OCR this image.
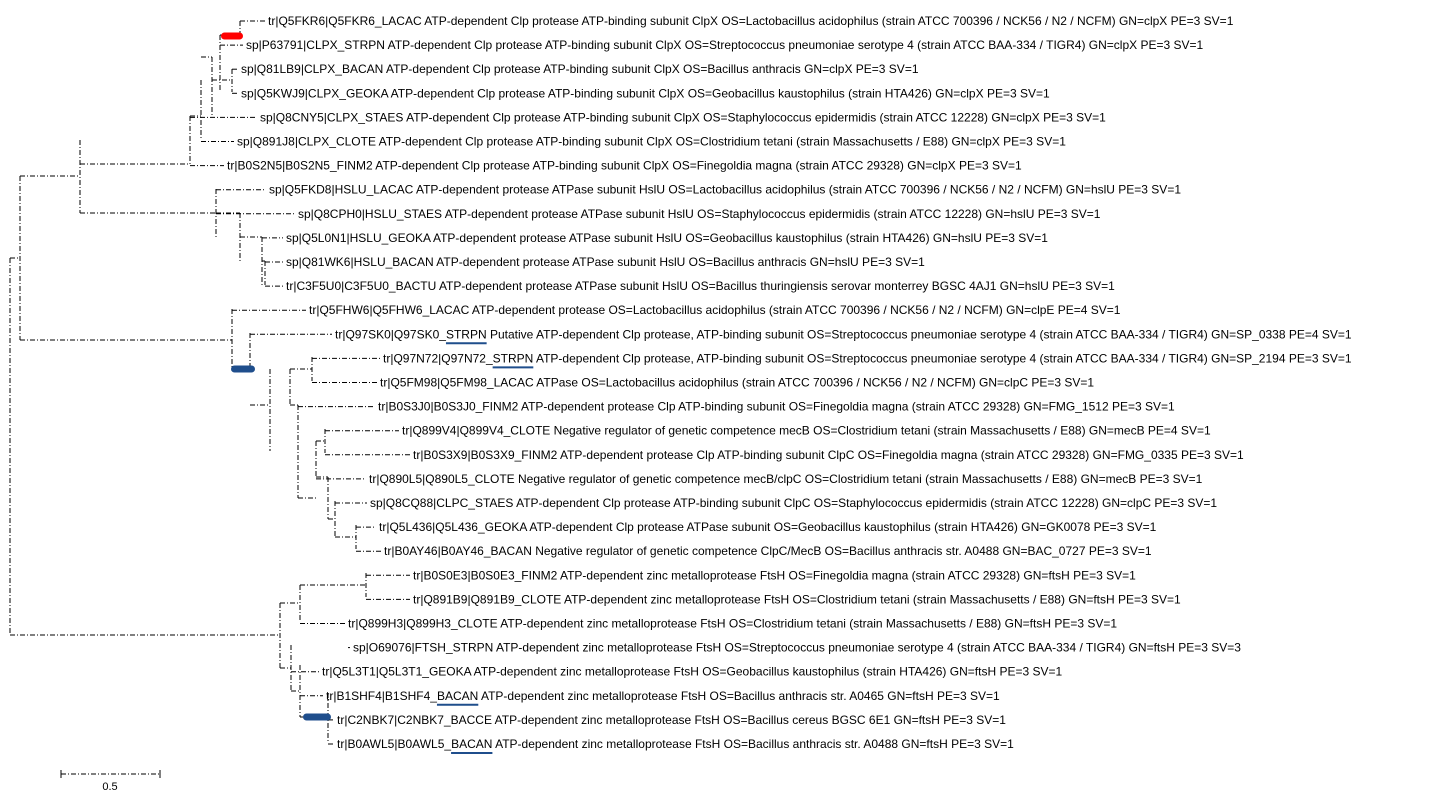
tr|Q5FKR6|Q5FKR6_LACAC ATP-dependent Clp protease ATP-binding subunit ClpX OS=Lactobacillus acidophilus (strain ATCC 700396 / NCK56 / N2 / NCFM) GN=clpX PE=3 SV=1
sp|P63791|CLPX_STRPN ATP-dependent Clp protease ATP-binding subunit ClpX OS=Streptococcus pneumoniae serotype 4 (strain ATCC BAA-334 / TIGR4) GN=clpX PE=3 SV=1
sp|Q81LB9|CLPX_BACAN ATP-dependent Clp protease ATP-binding subunit ClpX OS=Bacillus anthracis GN=clpX PE=3 SV=1
sp|Q5KWJ9|CLPX_GEOKA ATP-dependent Clp protease ATP-binding subunit ClpX OS=Geobacillus kaustophilus (strain HTA426) GN=clpX PE=3 SV=1
sp|Q8CNY5|CLPX_STAES ATP-dependent Clp protease ATP-binding subunit ClpX OS=Staphylococcus epidermidis (strain ATCC 12228) GN=clpX PE=3 SV=1
sp|Q891J8|CLPX_CLOTE ATP-dependent Clp protease ATP-binding subunit ClpX OS=Clostridium tetani (strain Massachusetts / E88) GN=clpX PE=3 SV=1
tr|B0S2N5|B0S2N5_FINM2 ATP-dependent Clp protease ATP-binding subunit ClpX OS=Finegoldia magna (strain ATCC 29328) GN=clpX PE=3 SV=1
sp|Q5FKD8|HSLU_LACAC ATP-dependent protease ATPase subunit HslU OS=Lactobacillus acidophilus (strain ATCC 700396 / NCK56 / N2 / NCFM) GN=hslU PE=3 SV=1
sp|Q8CPH0|HSLU_STAES ATP-dependent protease ATPase subunit HslU OS=Staphylococcus epidermidis (strain ATCC 12228) GN=hslU PE=3 SV=1
sp|Q5L0N1|HSLU_GEOKA ATP-dependent protease ATPase subunit HslU OS=Geobacillus kaustophilus (strain HTA426) GN=hslU PE=3 SV=1
sp|Q81WK6|HSLU_BACAN ATP-dependent protease ATPase subunit HslU OS=Bacillus anthracis GN=hslU PE=3 SV=1
tr|C3F5U0|C3F5U0_BACTU ATP-dependent protease ATPase subunit HslU OS=Bacillus thuringiensis serovar monterrey BGSC 4AJ1 GN=hslU PE=3 SV=1
tr|Q5FHW6|Q5FHW6_LACAC ATP-dependent protease OS=Lactobacillus acidophilus (strain ATCC 700396 / NCK56 / N2 / NCFM) GN=clpE PE=4 SV=1
tr|Q97SK0|Q97SK0_STRPN Putative ATP-dependent Clp protease, ATP-binding subunit OS=Streptococcus pneumoniae serotype 4 (strain ATCC BAA-334 / TIGR4) GN=SP_0338 PE=4 SV=1
tr|Q97N72|Q97N72_STRPN ATP-dependent Clp protease, ATP-binding subunit OS=Streptococcus pneumoniae serotype 4 (strain ATCC BAA-334 / TIGR4) GN=SP_2194 PE=3 SV=1
tr|Q5FM98|Q5FM98_LACAC ATPase OS=Lactobacillus acidophilus (strain ATCC 700396 / NCK56 / N2 / NCFM) GN=clpC PE=3 SV=1
tr|B0S3J0|B0S3J0_FINM2 ATP-dependent protease Clp ATP-binding subunit OS=Finegoldia magna (strain ATCC 29328) GN=FMG_1512 PE=3 SV=1
tr|Q899V4|Q899V4_CLOTE Negative regulator of genetic competence mecB OS=Clostridium tetani (strain Massachusetts / E88) GN=mecB PE=4 SV=1
tr|B0S3X9|B0S3X9_FINM2 ATP-dependent protease Clp ATP-binding subunit ClpC OS=Finegoldia magna (strain ATCC 29328) GN=FMG_0335 PE=3 SV=1
tr|Q890L5|Q890L5_CLOTE Negative regulator of genetic competence mecB/clpC OS=Clostridium tetani (strain Massachusetts / E88) GN=mecB PE=3 SV=1
sp|Q8CQ88|CLPC_STAES ATP-dependent Clp protease ATP-binding subunit ClpC OS=Staphylococcus epidermidis (strain ATCC 12228) GN=clpC PE=3 SV=1
tr|Q5L436|Q5L436_GEOKA ATP-dependent Clp protease ATPase subunit OS=Geobacillus kaustophilus (strain HTA426) GN=GK0078 PE=3 SV=1
tr|B0AY46|B0AY46_BACAN Negative regulator of genetic competence ClpC/MecB OS=Bacillus anthracis str. A0488 GN=BAC_0727 PE=3 SV=1
tr|B0S0E3|B0S0E3_FINM2 ATP-dependent zinc metalloprotease FtsH OS=Finegoldia magna (strain ATCC 29328) GN=ftsH PE=3 SV=1
tr|Q891B9|Q891B9_CLOTE ATP-dependent zinc metalloprotease FtsH OS=Clostridium tetani (strain Massachusetts / E88) GN=ftsH PE=3 SV=1
tr|Q899H3|Q899H3_CLOTE ATP-dependent zinc metalloprotease FtsH OS=Clostridium tetani (strain Massachusetts / E88) GN=ftsH PE=3 SV=1
sp|O69076|FTSH_STRPN ATP-dependent zinc metalloprotease FtsH OS=Streptococcus pneumoniae serotype 4 (strain ATCC BAA-334 / TIGR4) GN=ftsH PE=3 SV=3
tr|Q5L3T1|Q5L3T1_GEOKA ATP-dependent zinc metalloprotease FtsH OS=Geobacillus kaustophilus (strain HTA426) GN=ftsH PE=3 SV=1
tr|B1SHF4|B1SHF4_BACAN ATP-dependent zinc metalloprotease FtsH OS=Bacillus anthracis str. A0465 GN=ftsH PE=3 SV=1
tr|C2NBK7|C2NBK7_BACCE ATP-dependent zinc metalloprotease FtsH OS=Bacillus cereus BGSC 6E1 GN=ftsH PE=3 SV=1
tr|B0AWL5|B0AWL5_BACAN ATP-dependent zinc metalloprotease FtsH OS=Bacillus anthracis str. A0488 GN=ftsH PE=3 SV=1
0.5
